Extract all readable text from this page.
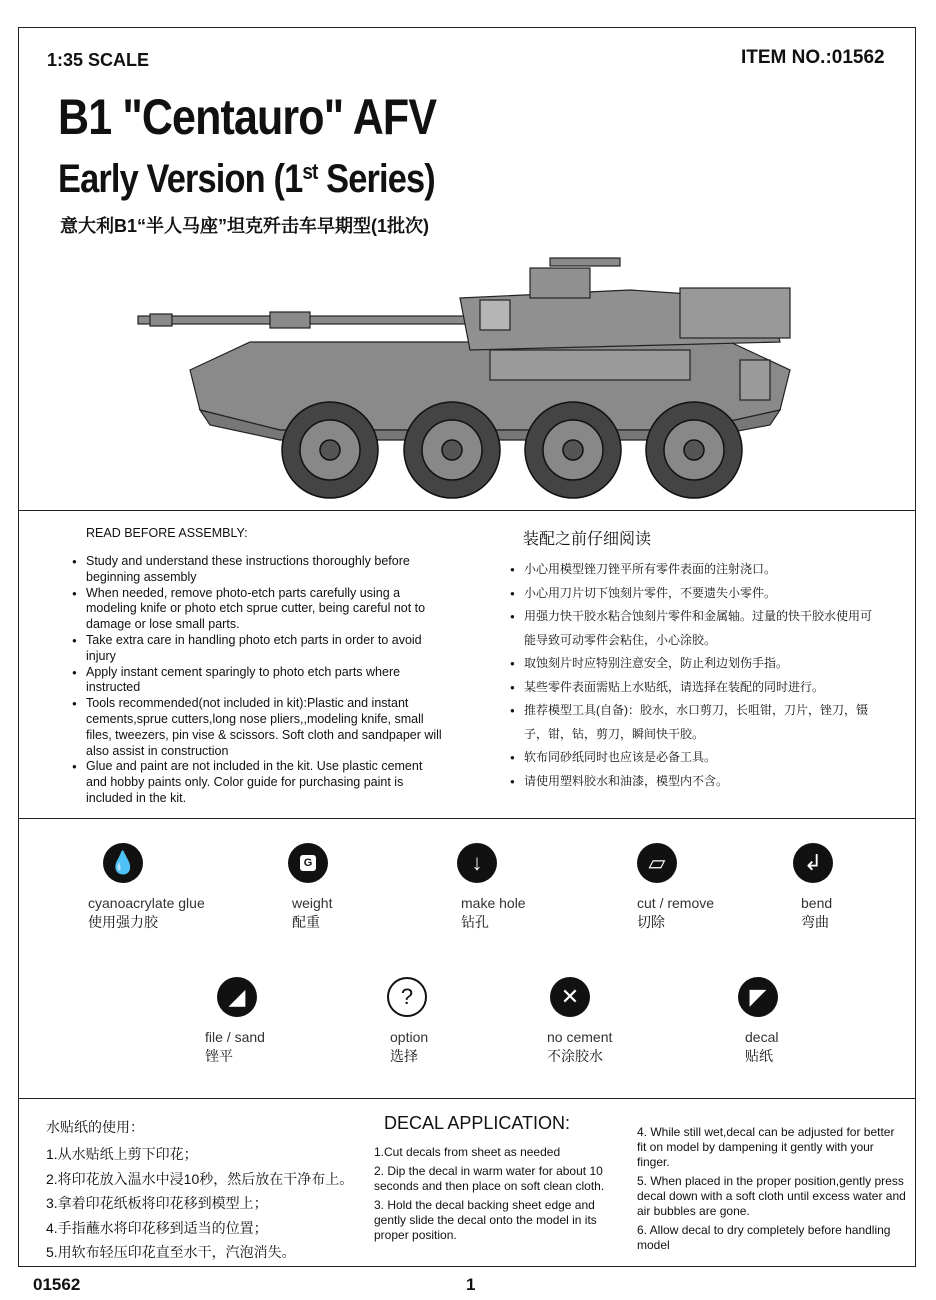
1:35 SCALE	ITEM NO.:01562
B1 "Centauro" AFV
Early Version (1st Series)
意大利B1“半人马座”坦克歼击车早期型(1批次)
READ BEFORE ASSEMBLY:
● Study and understand these instructions thoroughly before beginning assembly
● When needed, remove photo-etch parts carefully using a modeling knife or photo etch sprue cutter, being careful not to damage or lose small parts.
● Take extra care in handling photo etch parts in order to avoid injury
● Apply instant cement sparingly to photo etch parts where instructed
● Tools recommended(not included in kit):Plastic and instant cements,sprue cutters,long nose pliers,,modeling knife, small files, tweezers, pin vise & scissors. Soft cloth and sandpaper will also assist in construction
● Glue and paint are not included in the kit. Use plastic cement and hobby paints only. Color guide for purchasing paint is included in the kit.
装配之前仔细阅读
● 小心用模型锉刀锉平所有零件表面的注射浇口。
● 小心用刀片切下蚀刻片零件，不要遗失小零件。
● 用强力快干胶水粘合蚀刻片零件和金属轴。过量的快干胶水使用可能导致可动零件会粘住，小心涂胶。
● 取蚀刻片时应特别注意安全，防止利边划伤手指。
● 某些零件表面需贴上水贴纸，请选择在装配的同时进行。
● 推荐模型工具(自备)：胶水，水口剪刀，长咀钳，刀片，锉刀，镊子，钳，钻，剪刀，瞬间快干胶。
● 软布同砂纸同时也应该是必备工具。
● 请使用塑料胶水和油漆，模型内不含。
💧
cyanoacrylate glue
使用强力胶
G
weight
配重
↓
make hole
钻孔
▱
cut / remove
切除
↲
bend
弯曲
◢
file / sand
锉平
?
option
选择
✕
no cement
不涂胶水
◤
decal
贴纸
水贴纸的使用：
1.从水贴纸上剪下印花；
2.将印花放入温水中浸10秒，然后放在干净布上。
3.拿着印花纸板将印花移到模型上；
4.手指蘸水将印花移到适当的位置；
5.用软布轻压印花直至水干，汽泡消失。
DECAL APPLICATION:
1.Cut decals from sheet as needed
2. Dip the decal in warm water for about 10 seconds and then place on soft clean cloth.
3. Hold the decal backing sheet edge and gently slide the decal onto the model in its proper position.
4. While still wet,decal can be adjusted for better fit on model by dampening it gently with your finger.
5. When placed in the proper position,gently press decal down with a soft cloth until excess water and air bubbles are gone.
6. Allow decal to dry completely before handling model
01562	1
